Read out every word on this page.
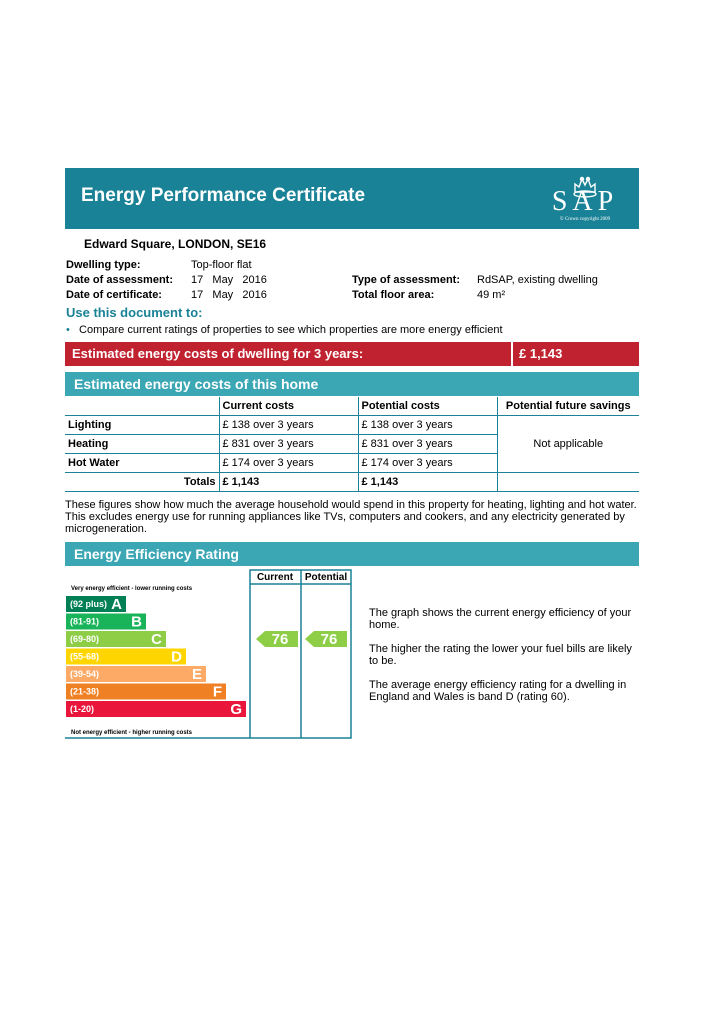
Energy Performance Certificate	SAP
© Crown copyright 2009
Edward Square, LONDON, SE16
Dwelling type:	Top-floor flat
Date of assessment: 17   May   2016
Date of certificate:	17   May   2016
Type of assessment: RdSAP, existing dwelling
Total floor area:	49 m²
Use this document to:
• Compare current ratings of properties to see which properties are more energy efficient
Estimated energy costs of dwelling for 3 years:	£ 1,143
Estimated energy costs of this home
	Current costs	Potential costs	Potential future savings
Lighting	£ 138 over 3 years	£ 138 over 3 years	Not applicable
Heating	£ 831 over 3 years	£ 831 over 3 years	
Hot Water	£ 174 over 3 years	£ 174 over 3 years	
Totals	£ 1,143	£ 1,143	
These figures show how much the average household would spend in this property for heating, lighting and hot water. This excludes energy use for running appliances like TVs, computers and cookers, and any electricity generated by microgeneration.
Energy Efficiency Rating
Current Potential
Very energy efficient - lower running costs
Not energy efficient - higher running costs
(92 plus) A
(81-91) B
(69-80)	C
(55-68)	D
(39-54)	E
(21-38)	F
(1-20)	G
76 76
The graph shows the current energy efficiency of your home.
The higher the rating the lower your fuel bills are likely to be.
The average energy efficiency rating for a dwelling in England and Wales is band D (rating 60).
